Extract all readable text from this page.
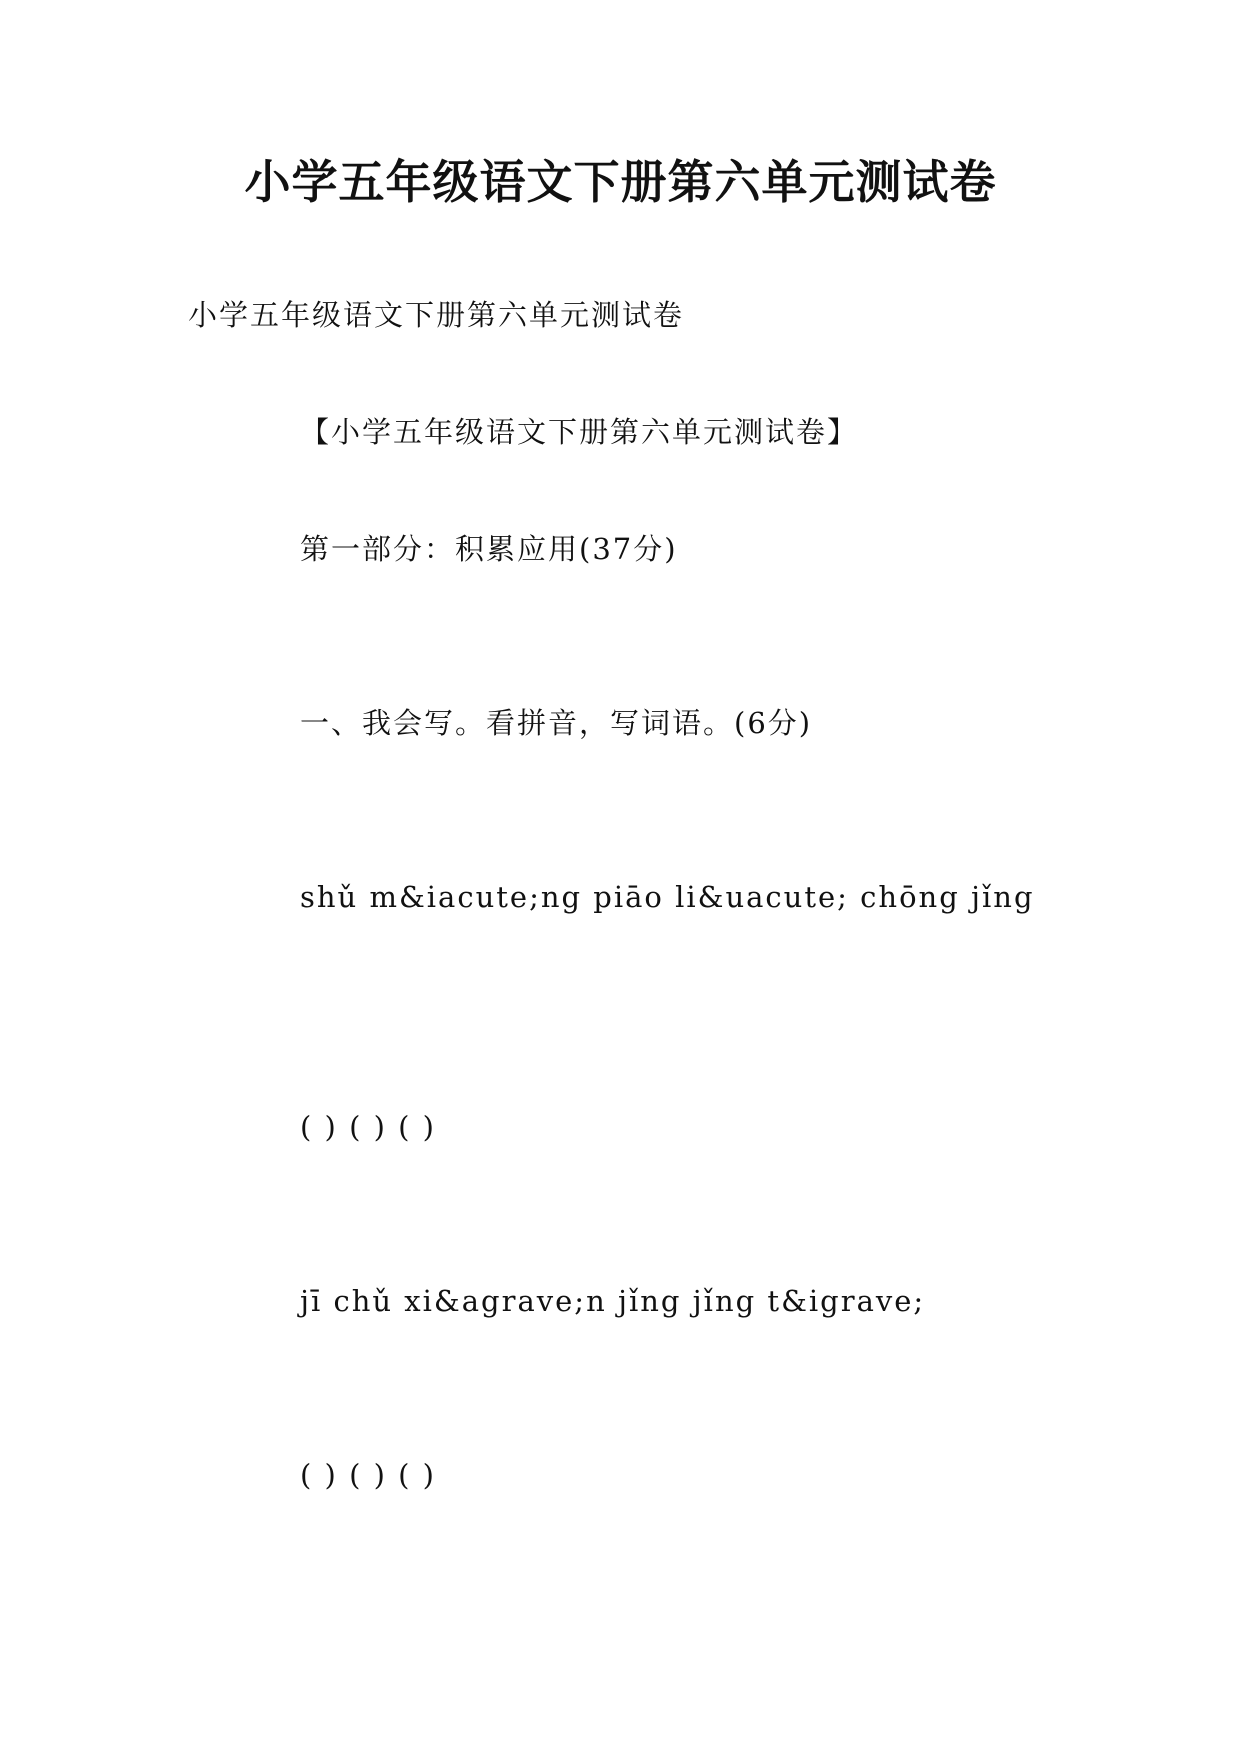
小学五年级语文下册第六单元测试卷

小学五年级语文下册第六单元测试卷

【小学五年级语文下册第六单元测试卷】

第一部分：积累应用(37分)

一、我会写。看拼音，写词语。(6分)

shǔ m&iacute;ng piāo li&uacute; chōng jǐng

( ) ( ) ( )

jī chǔ xi&agrave;n jǐng jǐng t&igrave;

( ) ( ) ( )
